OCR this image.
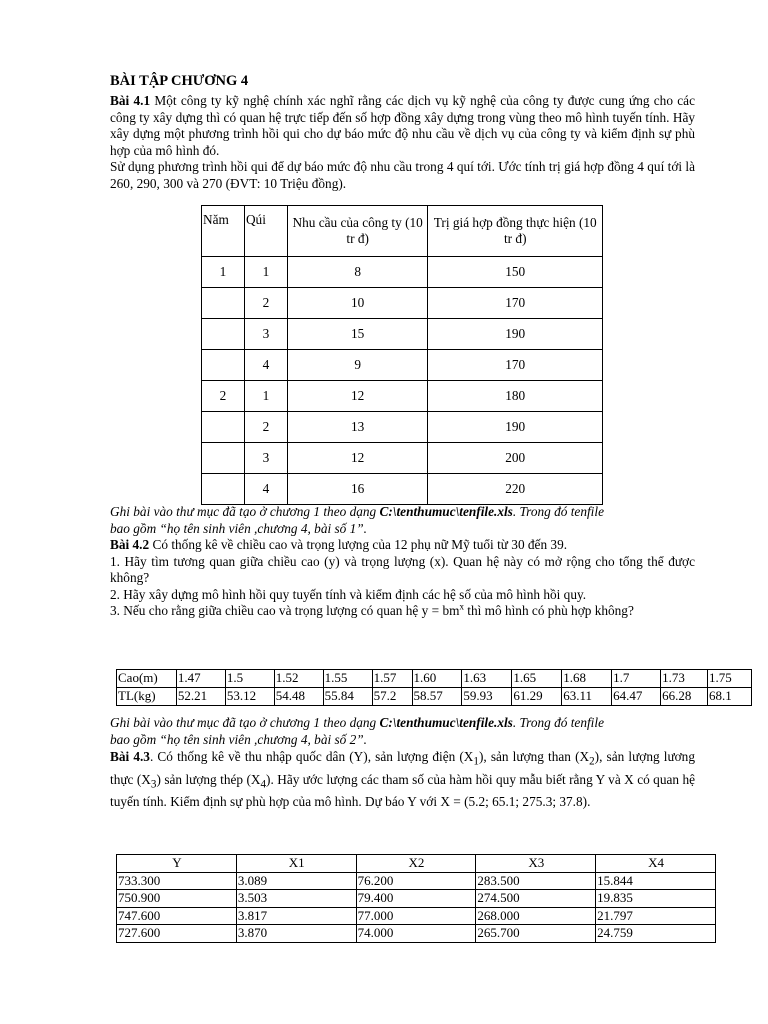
BÀI TẬP CHƯƠNG 4

Bài 4.1 Một công ty kỹ nghệ chính xác nghĩ rằng các dịch vụ kỹ nghệ của công ty được cung ứng cho các công ty xây dựng thì có quan hệ trực tiếp đến số hợp đồng xây dựng trong vùng theo mô hình tuyến tính. Hãy xây dựng một phương trình hồi qui cho dự báo mức độ nhu cầu về dịch vụ của công ty và kiểm định sự phù hợp của mô hình đó.

Sử dụng phương trình hồi qui để dự báo mức độ nhu cầu trong 4 quí tới. Ước tính trị giá hợp đồng 4 quí tới là 260, 290, 300 và 270 (ĐVT: 10 Triệu đồng).

Năm	Qúi	Nhu cầu của công ty (10 tr đ)	Trị giá hợp đồng thực hiện (10 tr đ)
1	1	8	150
	2	10	170
	3	15	190
	4	9	170
2	1	12	180
	2	13	190
	3	12	200
	4	16	220

Ghi bài vào thư mục đã tạo ở chương 1 theo dạng C:\tenthumuc\tenfile.xls. Trong đó tenfile

bao gồm “họ tên sinh viên ,chương 4, bài số 1”.

Bài 4.2 Có thống kê về chiều cao và trọng lượng của 12 phụ nữ Mỹ tuổi từ 30 đến 39.

1. Hãy tìm tương quan giữa chiều cao (y) và trọng lượng (x). Quan hệ này có mở rộng cho tổng thể được không?

2. Hãy xây dựng mô hình hồi quy tuyến tính và kiểm định các hệ số của mô hình hồi quy.

3. Nếu cho rằng giữa chiều cao và trọng lượng có quan hệ $y = bm^x$ thì mô hình có phù hợp không?

Cao(m)	1.47	1.5	1.52	1.55	1.57	1.60	1.63	1.65	1.68	1.7	1.73	1.75
TL(kg)	52.21	53.12	54.48	55.84	57.2	58.57	59.93	61.29	63.11	64.47	66.28	68.1

Ghi bài vào thư mục đã tạo ở chương 1 theo dạng C:\tenthumuc\tenfile.xls. Trong đó tenfile

bao gồm “họ tên sinh viên ,chương 4, bài số 2”.

Bài 4.3. Có thống kê về thu nhập quốc dân (Y), sản lượng điện $(X_1)$, sản lượng than $(X_2)$, sản lượng lương thực $(X_3)$ sản lượng thép $(X_4)$. Hãy ước lượng các tham số của hàm hồi quy mẫu biết rằng Y và X có quan hệ tuyến tính. Kiểm định sự phù hợp của mô hình. Dự báo Y với X = (5.2; 65.1; 275.3; 37.8).

Y	X1	X2	X3	X4
733.300	3.089	76.200	283.500	15.844
750.900	3.503	79.400	274.500	19.835
747.600	3.817	77.000	268.000	21.797
727.600	3.870	74.000	265.700	24.759
